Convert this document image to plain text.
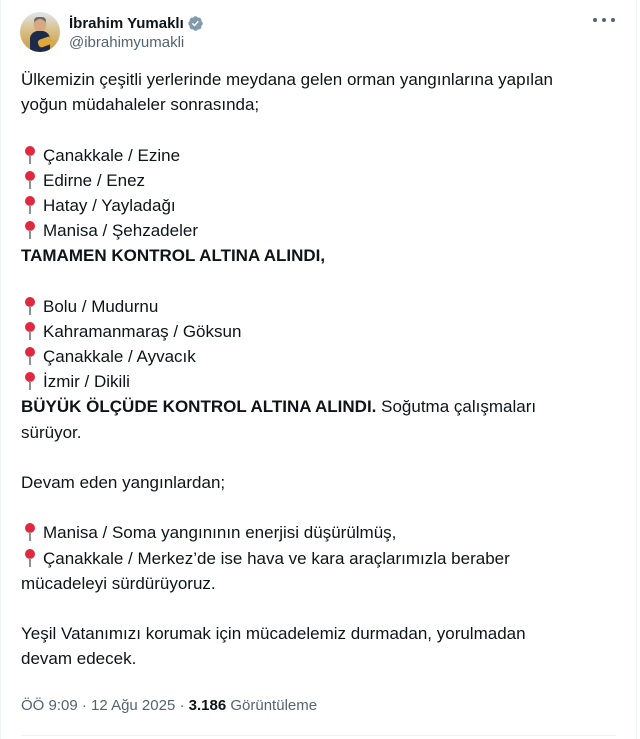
İbrahim Yumaklı
@ibrahimyumakli
Ülkemizin çeşitli yerlerinde meydana gelen orman yangınlarına yapılan
yoğun müdahaleler sonrasında;
Çanakkale / Ezine
Edirne / Enez
Hatay / Yayladağı
Manisa / Şehzadeler
TAMAMEN KONTROL ALTINA ALINDI,
Bolu / Mudurnu
Kahramanmaraş / Göksun
Çanakkale / Ayvacık
İzmir / Dikili
BÜYÜK ÖLÇÜDE KONTROL ALTINA ALINDI. Soğutma çalışmaları
sürüyor.
Devam eden yangınlardan;
Manisa / Soma yangınının enerjisi düşürülmüş,
Çanakkale / Merkez’de ise hava ve kara araçlarımızla beraber
mücadeleyi sürdürüyoruz.
Yeşil Vatanımızı korumak için mücadelemiz durmadan, yorulmadan
devam edecek.
ÖÖ 9:09 · 12 Ağu 2025 · 3.186 Görüntüleme
